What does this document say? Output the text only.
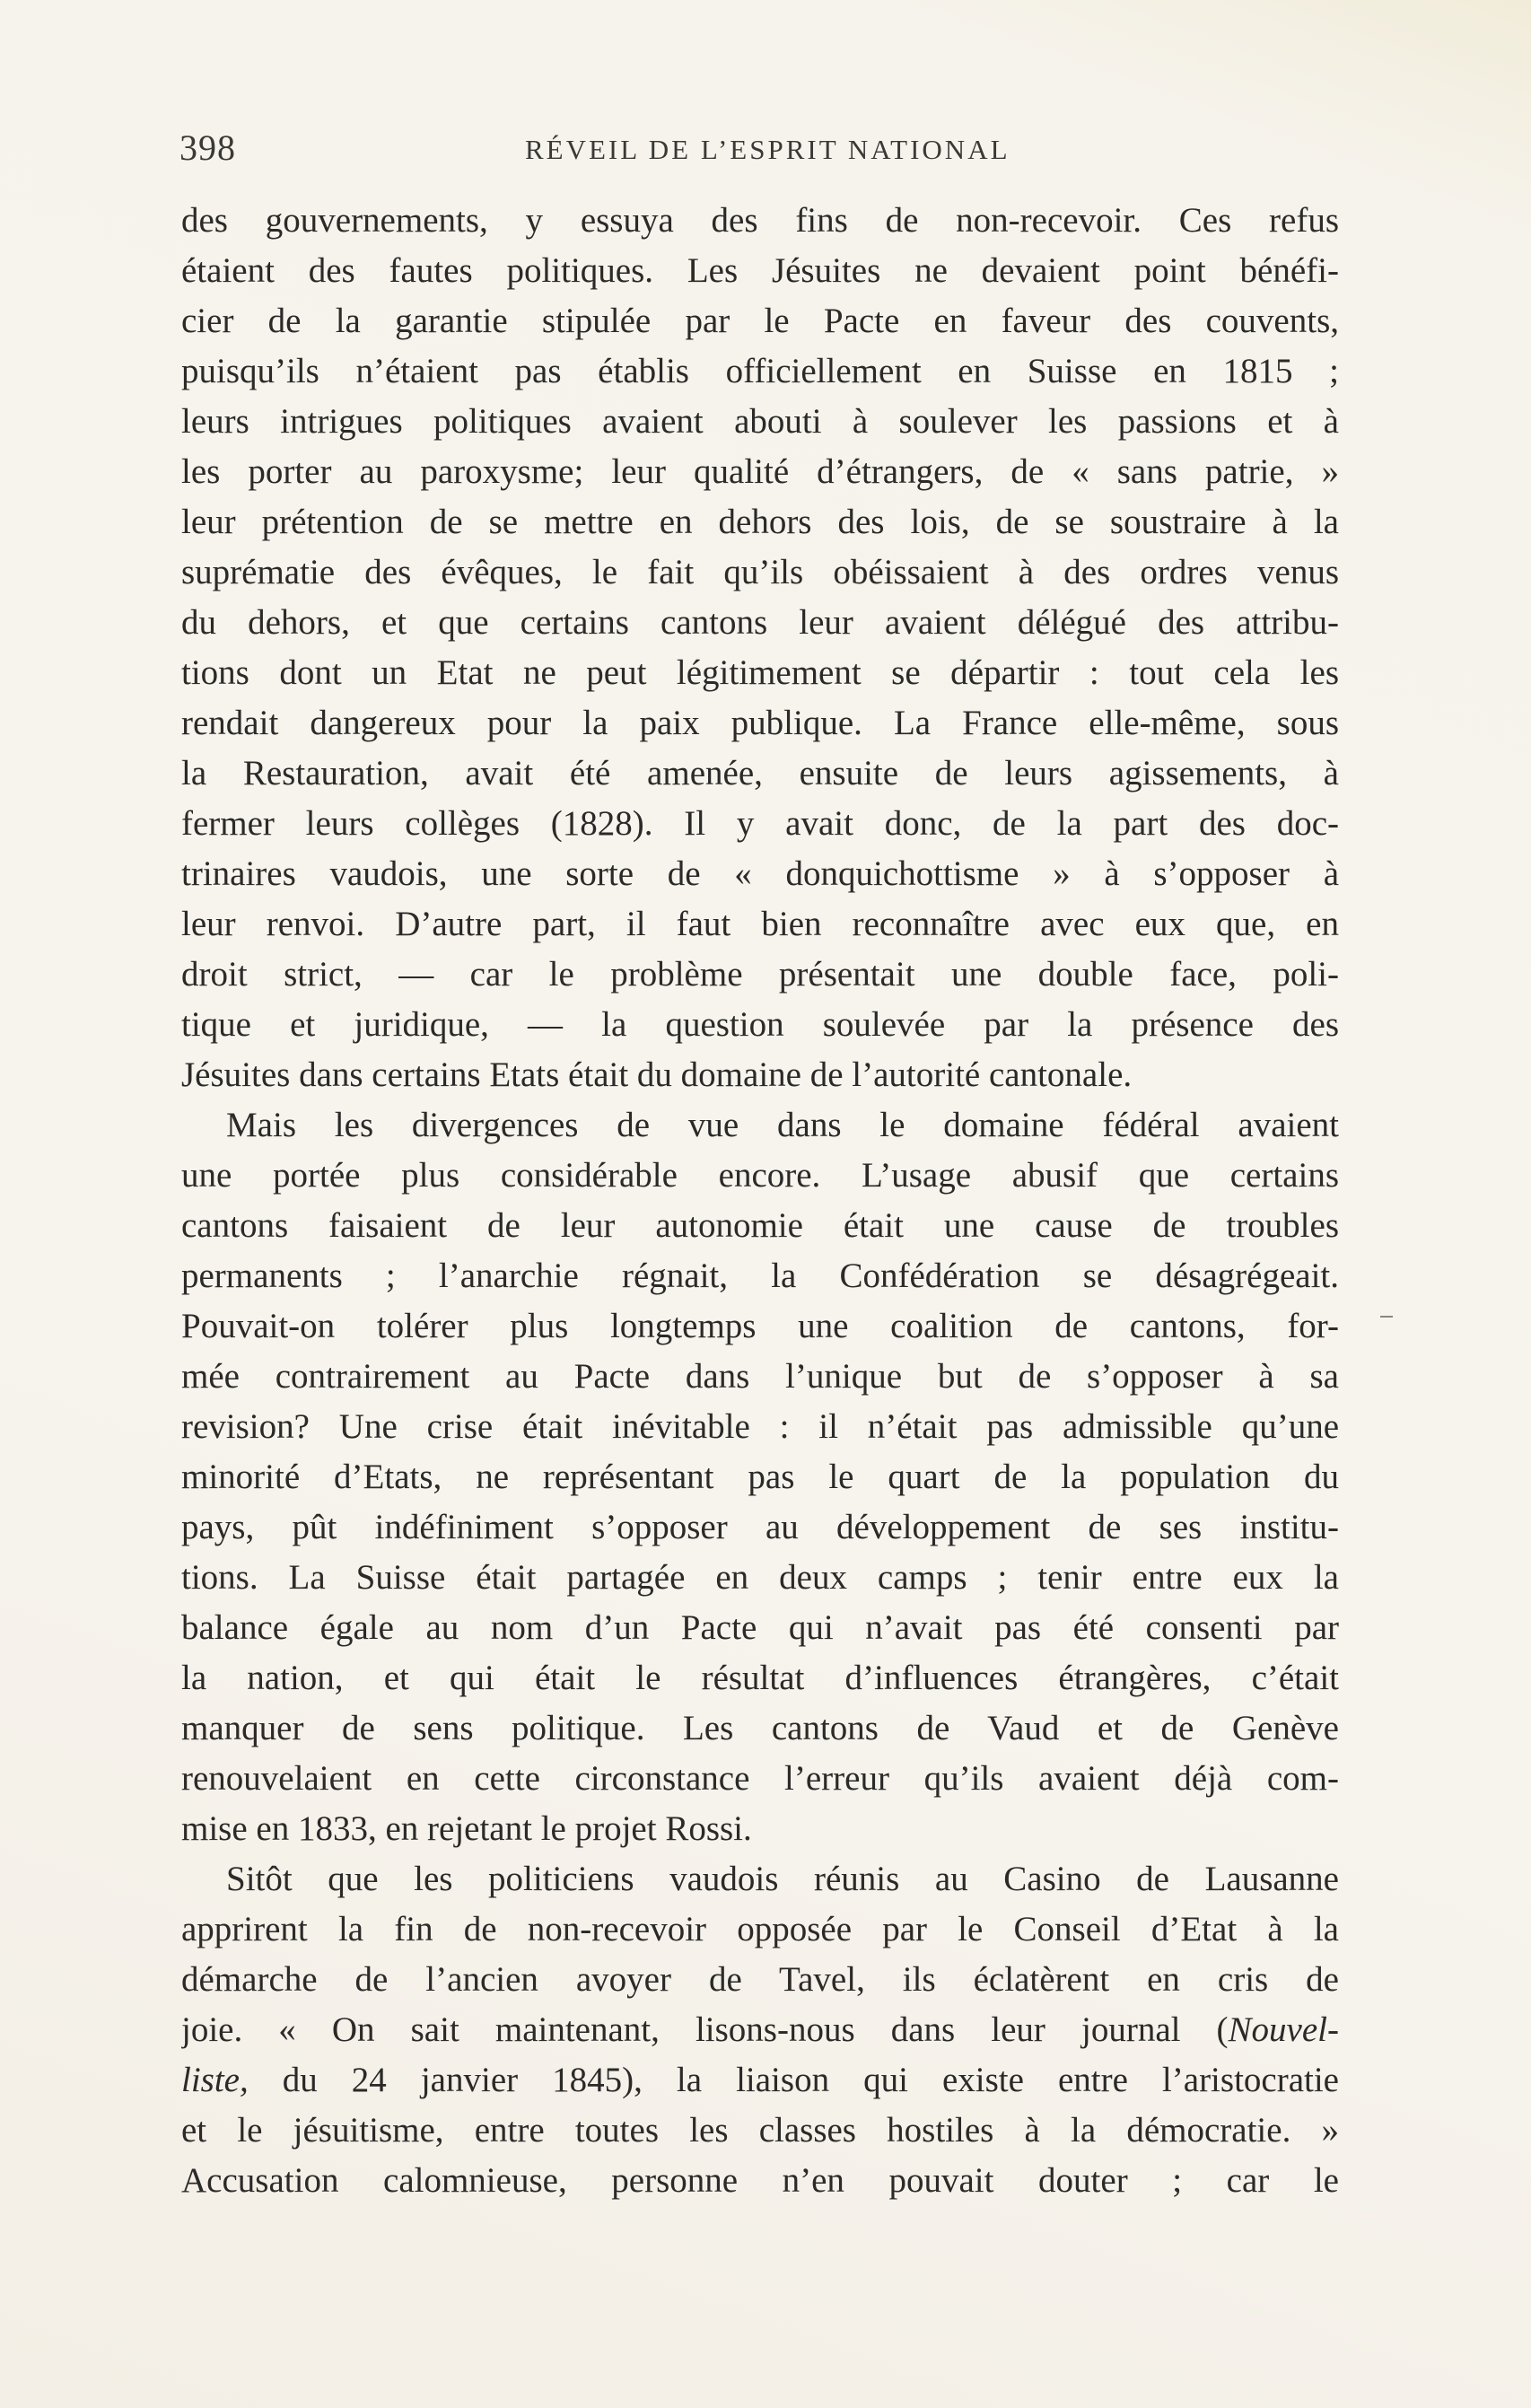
398	RÉVEIL DE L’ESPRIT NATIONAL
des gouvernements, y essuya des fins de non-recevoir. Ces refus
étaient des fautes politiques. Les Jésuites ne devaient point bénéfi-
cier de la garantie stipulée par le Pacte en faveur des couvents,
puisqu’ils n’étaient pas établis officiellement en Suisse en 1815 ;
leurs intrigues politiques avaient abouti à soulever les passions et à
les porter au paroxysme; leur qualité d’étrangers, de « sans patrie, »
leur prétention de se mettre en dehors des lois, de se soustraire à la
suprématie des évêques, le fait qu’ils obéissaient à des ordres venus
du dehors, et que certains cantons leur avaient délégué des attribu-
tions dont un Etat ne peut légitimement se départir : tout cela les
rendait dangereux pour la paix publique. La France elle-même, sous
la Restauration, avait été amenée, ensuite de leurs agissements, à
fermer leurs collèges (1828). Il y avait donc, de la part des doc-
trinaires vaudois, une sorte de « donquichottisme » à s’opposer à
leur renvoi. D’autre part, il faut bien reconnaître avec eux que, en
droit strict, — car le problème présentait une double face, poli-
tique et juridique, — la question soulevée par la présence des
Jésuites dans certains Etats était du domaine de l’autorité cantonale.
Mais les divergences de vue dans le domaine fédéral avaient
une portée plus considérable encore. L’usage abusif que certains
cantons faisaient de leur autonomie était une cause de troubles
permanents ; l’anarchie régnait, la Confédération se désagrégeait.
Pouvait-on tolérer plus longtemps une coalition de cantons, for-
mée contrairement au Pacte dans l’unique but de s’opposer à sa
revision? Une crise était inévitable : il n’était pas admissible qu’une
minorité d’Etats, ne représentant pas le quart de la population du
pays, pût indéfiniment s’opposer au développement de ses institu-
tions. La Suisse était partagée en deux camps ; tenir entre eux la
balance égale au nom d’un Pacte qui n’avait pas été consenti par
la nation, et qui était le résultat d’influences étrangères, c’était
manquer de sens politique. Les cantons de Vaud et de Genève
renouvelaient en cette circonstance l’erreur qu’ils avaient déjà com-
mise en 1833, en rejetant le projet Rossi.
Sitôt que les politiciens vaudois réunis au Casino de Lausanne
apprirent la fin de non-recevoir opposée par le Conseil d’Etat à la
démarche de l’ancien avoyer de Tavel, ils éclatèrent en cris de
joie. « On sait maintenant, lisons-nous dans leur journal (Nouvel-
liste, du 24 janvier 1845), la liaison qui existe entre l’aristocratie
et le jésuitisme, entre toutes les classes hostiles à la démocratie. »
Accusation calomnieuse, personne n’en pouvait douter ; car le
